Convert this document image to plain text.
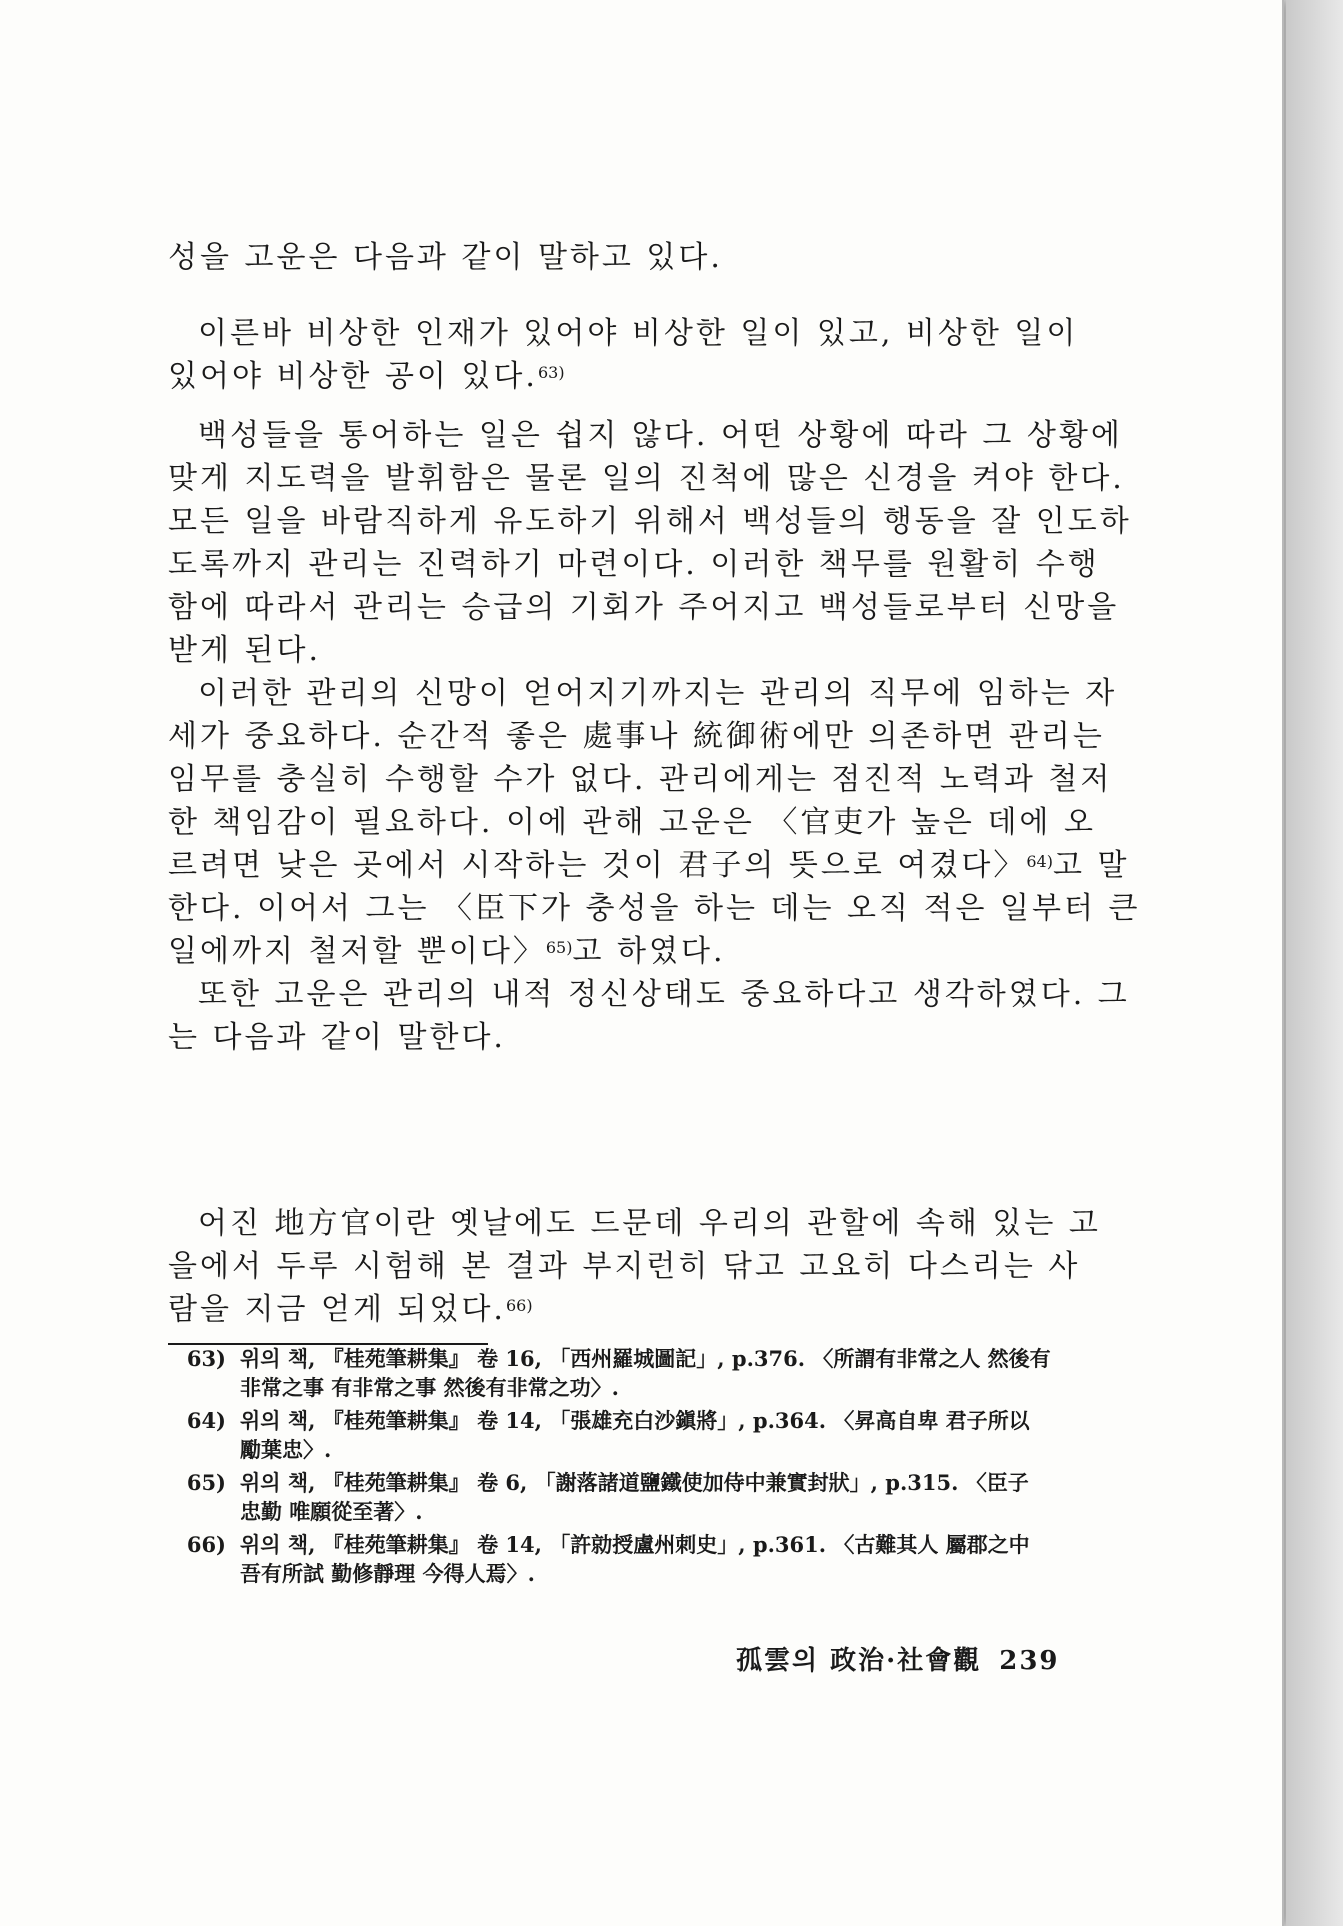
성을 고운은 다음과 같이 말하고 있다.
이른바 비상한 인재가 있어야 비상한 일이 있고, 비상한 일이
있어야 비상한 공이 있다.$^{63)}$
백성들을 통어하는 일은 쉽지 않다. 어떤 상황에 따라 그 상황에
맞게 지도력을 발휘함은 물론 일의 진척에 많은 신경을 켜야 한다.
모든 일을 바람직하게 유도하기 위해서 백성들의 행동을 잘 인도하
도록까지 관리는 진력하기 마련이다. 이러한 책무를 원활히 수행
함에 따라서 관리는 승급의 기회가 주어지고 백성들로부터 신망을
받게 된다.
이러한 관리의 신망이 얻어지기까지는 관리의 직무에 임하는 자
세가 중요하다. 순간적 좋은 處事나 統御術에만 의존하면 관리는
임무를 충실히 수행할 수가 없다. 관리에게는 점진적 노력과 철저
한 책임감이 필요하다. 이에 관해 고운은 〈官吏가 높은 데에 오
르려면 낮은 곳에서 시작하는 것이 君子의 뜻으로 여겼다〉$^{64)}$고 말
한다. 이어서 그는 〈臣下가 충성을 하는 데는 오직 적은 일부터 큰
일에까지 철저할 뿐이다〉$^{65)}$고 하였다.
또한 고운은 관리의 내적 정신상태도 중요하다고 생각하였다. 그
는 다음과 같이 말한다.
어진 地方官이란 옛날에도 드문데 우리의 관할에 속해 있는 고
을에서 두루 시험해 본 결과 부지런히 닦고 고요히 다스리는 사
람을 지금 얻게 되었다.$^{66)}$
63) 위의 책, 『桂苑筆耕集』 卷 16, 「西州羅城圖記」, p.376. 〈所謂有非常之人 然後有
非常之事 有非常之事 然後有非常之功〉.
64) 위의 책, 『桂苑筆耕集』 卷 14, 「張雄充白沙鎭將」, p.364. 〈昇高自卑 君子所以
勵葉忠〉.
65) 위의 책, 『桂苑筆耕集』 卷 6, 「謝落諸道鹽鐵使加侍中兼實封狀」, p.315. 〈臣子
忠勤 唯願從至著〉.
66) 위의 책, 『桂苑筆耕集』 卷 14, 「許勍授盧州刺史」, p.361. 〈古難其人 屬郡之中
吾有所試 勤修靜理 今得人焉〉.
孤雲의 政治·社會觀 239
